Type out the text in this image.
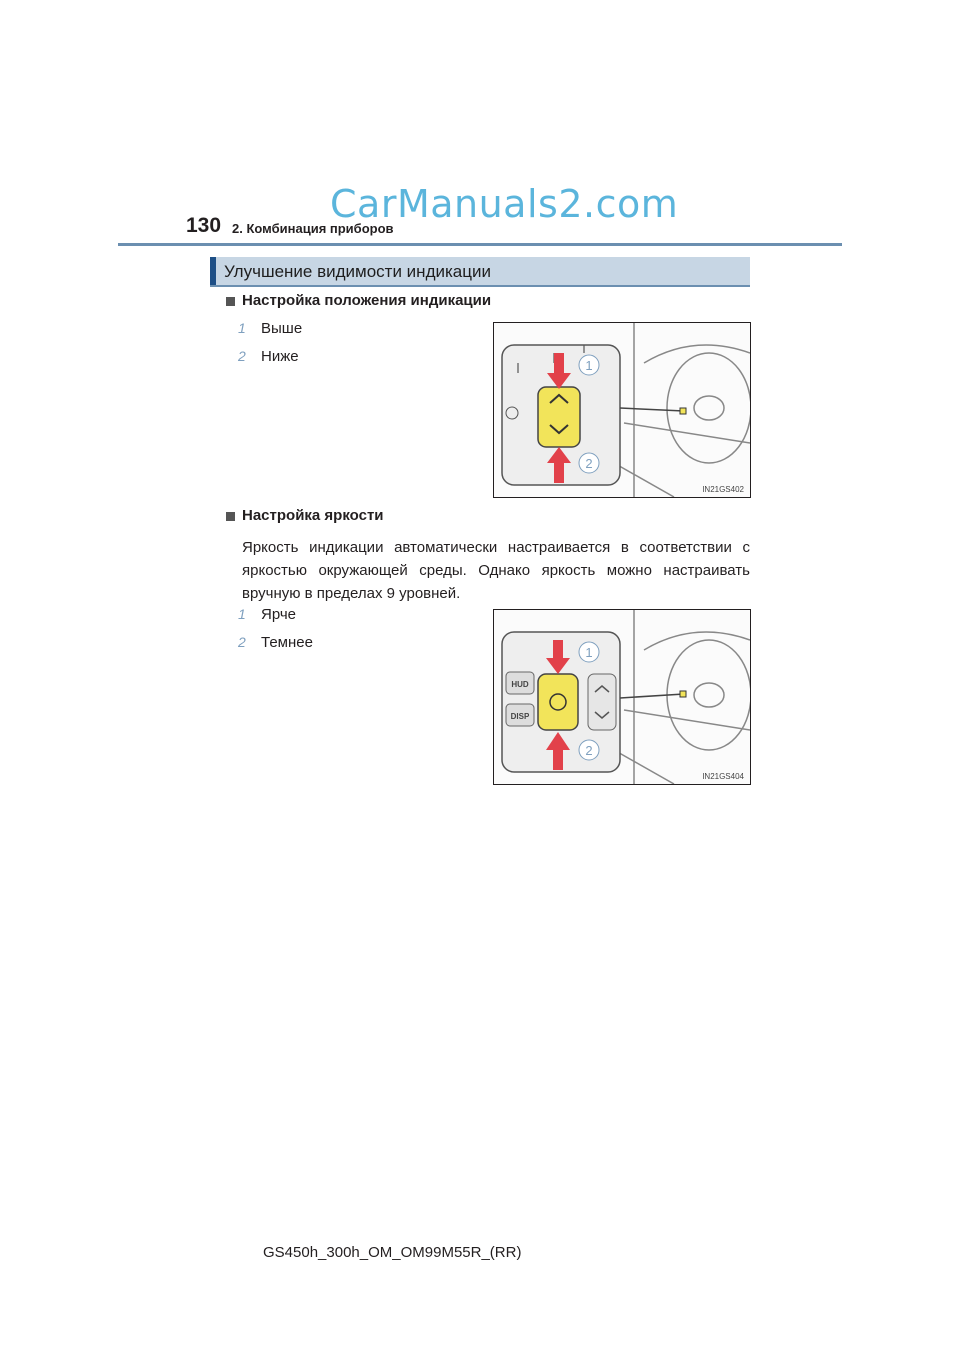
CarManuals2.com
130 2. Комбинация приборов
Улучшение видимости индикации
Настройка положения индикации
1	Выше
2	Ниже
1
2
IN21GS402
Настройка яркости
Яркость индикации автоматически настраивается в соответствии с яркостью окружающей среды. Однако яркость можно настраивать вручную в пределах 9 уровней.
1	Ярче
2	Темнее
HUD
DISP
1
2
IN21GS404
GS450h_300h_OM_OM99M55R_(RR)
